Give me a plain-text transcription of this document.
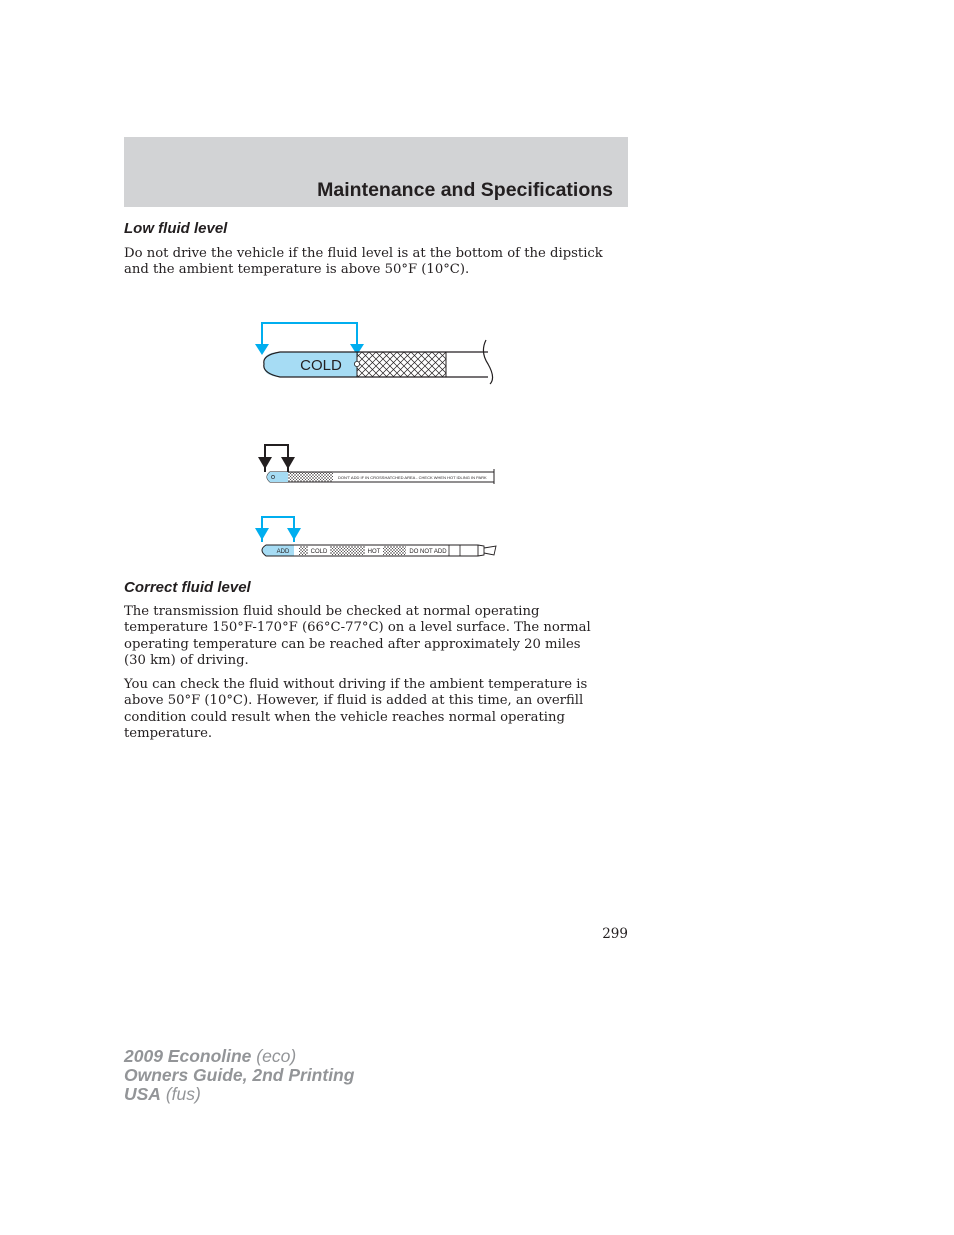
Maintenance and Specifications
Low fluid level

Do not drive the vehicle if the fluid level is at the bottom of the dipstick and the ambient temperature is above 50°F (10°C).

COLD
DON'T ADD IF IN CROSSHATCHED AREA - CHECK WHEN HOT IDLING IN PARK
ADD	COLD	HOT	DO NOT ADD
Correct fluid level

The transmission fluid should be checked at normal operating temperature 150°F-170°F (66°C-77°C) on a level surface. The normal operating temperature can be reached after approximately 20 miles (30 km) of driving.

You can check the fluid without driving if the ambient temperature is above 50°F (10°C). However, if fluid is added at this time, an overfill condition could result when the vehicle reaches normal operating temperature.

299
2009 Econoline (eco)
Owners Guide, 2nd Printing
USA (fus)
